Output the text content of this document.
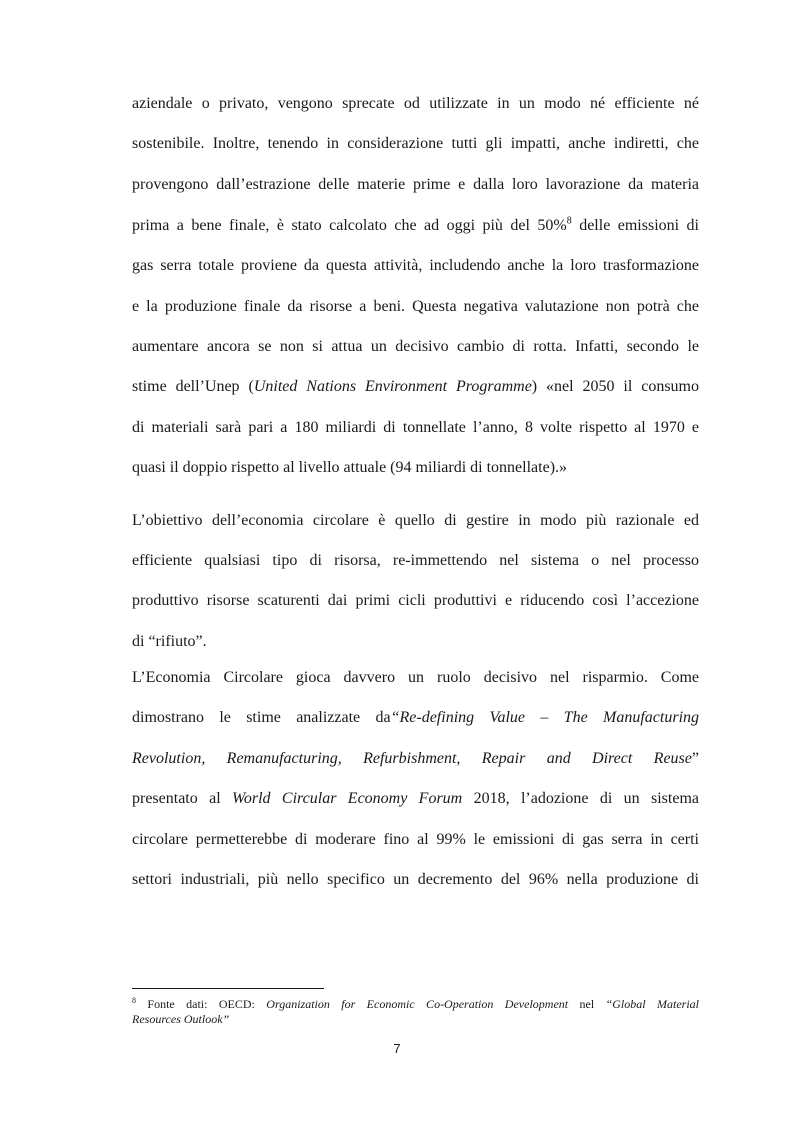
aziendale o privato, vengono sprecate od utilizzate in un modo né efficiente né
sostenibile. Inoltre, tenendo in considerazione tutti gli impatti, anche indiretti, che
provengono dall’estrazione delle materie prime e dalla loro lavorazione da materia
prima a bene finale, è stato calcolato che ad oggi più del 50%$^8$ delle emissioni di
gas serra totale proviene da questa attività, includendo anche la loro trasformazione
e la produzione finale da risorse a beni. Questa negativa valutazione non potrà che
aumentare ancora se non si attua un decisivo cambio di rotta. Infatti, secondo le
stime dell’Unep (United Nations Environment Programme) «nel 2050 il consumo
di materiali sarà pari a 180 miliardi di tonnellate l’anno, 8 volte rispetto al 1970 e
quasi il doppio rispetto al livello attuale (94 miliardi di tonnellate).»
L’obiettivo dell’economia circolare è quello di gestire in modo più razionale ed
efficiente qualsiasi tipo di risorsa, re-immettendo nel sistema o nel processo
produttivo risorse scaturenti dai primi cicli produttivi e riducendo così l’accezione
di “rifiuto”.
L’Economia Circolare gioca davvero un ruolo decisivo nel risparmio. Come
dimostrano le stime analizzate da“Re-defining Value – The Manufacturing
Revolution, Remanufacturing, Refurbishment, Repair and Direct Reuse”
presentato al World Circular Economy Forum 2018, l’adozione di un sistema
circolare permetterebbe di moderare fino al 99% le emissioni di gas serra in certi
settori industriali, più nello specifico un decremento del 96% nella produzione di
$^8$ Fonte dati: OECD: Organization for Economic Co-Operation Development nel “Global Material
Resources Outlook”
7
